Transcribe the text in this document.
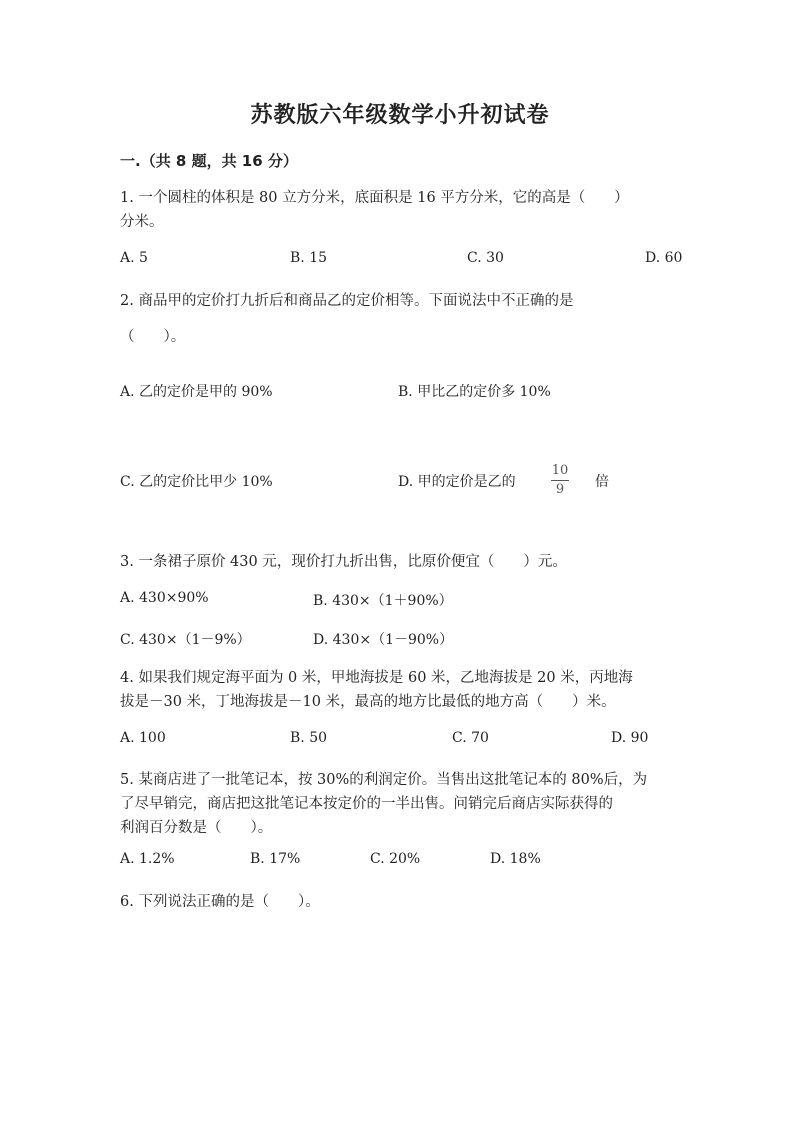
苏教版六年级数学小升初试卷
一.（共 8 题，共 16 分）
1. 一个圆柱的体积是 80 立方分米，底面积是 16 平方分米，它的高是（　　）
分米。
A. 5	B. 15	C. 30	D. 60
2. 商品甲的定价打九折后和商品乙的定价相等。下面说法中不正确的是
（　　）。
A. 乙的定价是甲的 90%	B. 甲比乙的定价多 10%
C. 乙的定价比甲少 10%	D. 甲的定价是乙的
10
9 倍
3. 一条裙子原价 430 元，现价打九折出售，比原价便宜（　　）元。
A. 430×90%	B. 430×（1＋90%）
C. 430×（1－9%）	D. 430×（1－90%）
4. 如果我们规定海平面为 0 米，甲地海拔是 60 米，乙地海拔是 20 米，丙地海
拔是－30 米，丁地海拔是－10 米，最高的地方比最低的地方高（　　）米。
A. 100	B. 50	C. 70	D. 90
5. 某商店进了一批笔记本，按 30%的利润定价。当售出这批笔记本的 80%后，为
了尽早销完，商店把这批笔记本按定价的一半出售。问销完后商店实际获得的
利润百分数是（　　）。
A. 1.2%	B. 17%	C. 20%	D. 18%
6. 下列说法正确的是（　　）。
